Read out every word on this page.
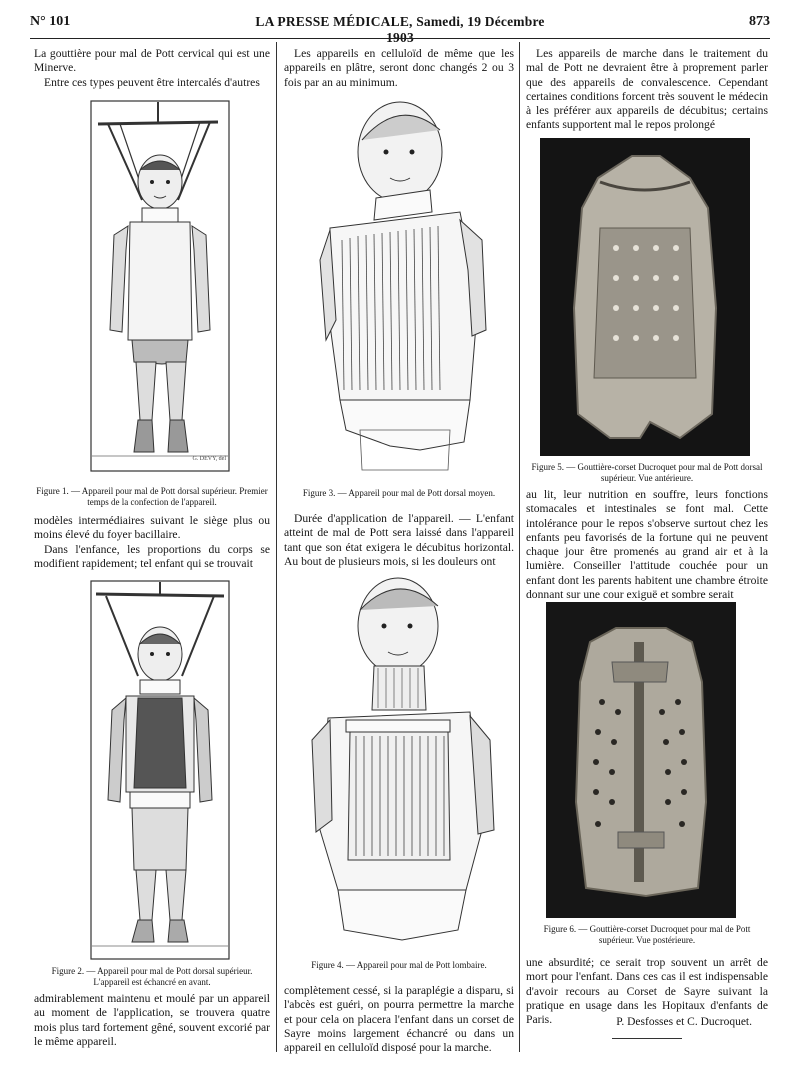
N° 101	LA PRESSE MÉDICALE, Samedi, 19 Décembre 1903
873

La gouttière pour mal de Pott cervical qui est une Minerve.

Entre ces types peuvent être intercalés d'autres

G. DEVY, del
Figure 1. — Appareil pour mal de Pott dorsal supérieur. Premier temps de la confection de l'appareil.

modèles intermédiaires suivant le siège plus ou moins élevé du foyer bacillaire.

Dans l'enfance, les proportions du corps se modifient rapidement; tel enfant qui se trouvait

Figure 2. — Appareil pour mal de Pott dorsal supérieur. L'appareil est échancré en avant.

admirablement maintenu et moulé par un appareil au moment de l'application, se trouvera quatre mois plus tard fortement gêné, souvent excorié par le même appareil.

Les appareils en celluloïd de même que les appareils en plâtre, seront donc changés 2 ou 3 fois par an au minimum.

Figure 3. — Appareil pour mal de Pott dorsal moyen.

Durée d'application de l'appareil. — L'enfant atteint de mal de Pott sera laissé dans l'appareil tant que son état exigera le décubitus horizontal. Au bout de plusieurs mois, si les douleurs ont

Figure 4. — Appareil pour mal de Pott lombaire.

complètement cessé, si la paraplégie a disparu, si l'abcès est guéri, on pourra permettre la marche et pour cela on placera l'enfant dans un corset de Sayre moins largement échancré ou dans un appareil en celluloïd disposé pour la marche.

Les appareils de marche dans le traitement du mal de Pott ne devraient être à proprement parler que des appareils de convalescence. Cependant certaines conditions forcent très souvent le médecin à les préférer aux appareils de décubitus; certains enfants supportent mal le repos prolongé

Figure 5. — Gouttière-corset Ducroquet pour mal de Pott dorsal supérieur. Vue antérieure.

au lit, leur nutrition en souffre, leurs fonctions stomacales et intestinales se font mal. Cette intolérance pour le repos s'observe surtout chez les enfants peu favorisés de la fortune qui ne peuvent chaque jour être promenés au grand air et à la lumière. Conseiller l'attitude couchée pour un enfant dont les parents habitent une chambre étroite donnant sur une cour exiguë et sombre serait

Figure 6. — Gouttière-corset Ducroquet pour mal de Pott supérieur. Vue postérieure.

une absurdité; ce serait trop souvent un arrêt de mort pour l'enfant. Dans ces cas il est indispensable d'avoir recours au Corset de Sayre suivant la pratique en usage dans les Hopitaux d'enfants de Paris.	P. Desfosses et C. Ducroquet.
